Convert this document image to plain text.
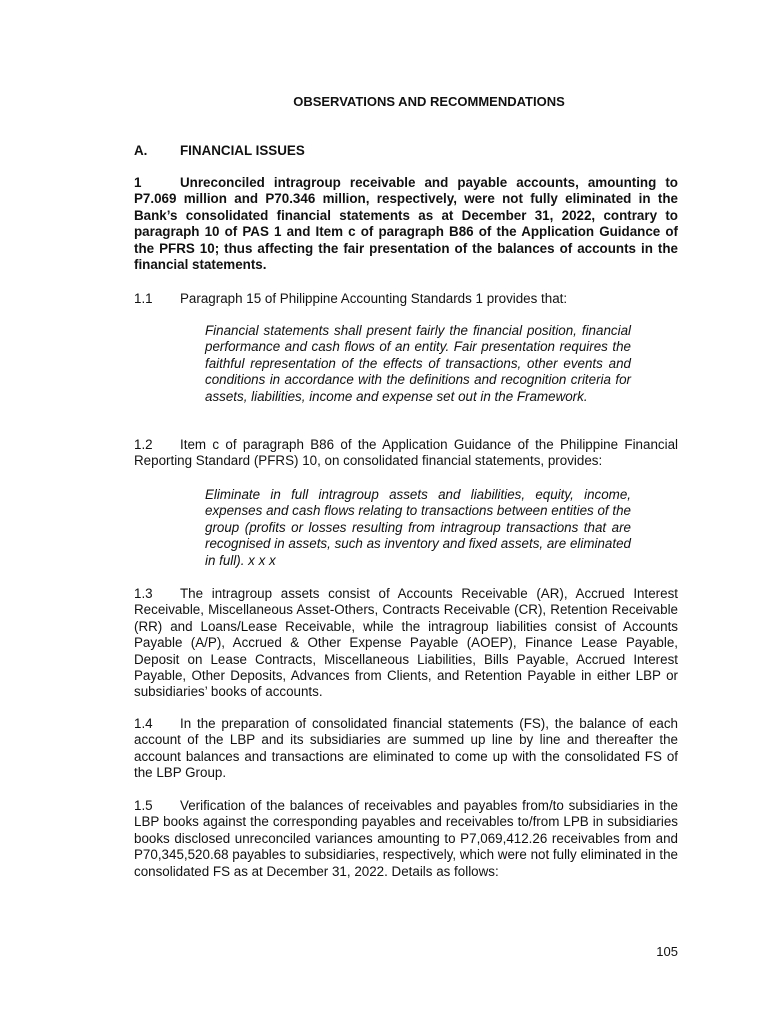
OBSERVATIONS AND RECOMMENDATIONS
A. FINANCIAL ISSUES
1	Unreconciled intragroup receivable and payable accounts, amounting to P7.069 million and P70.346 million, respectively, were not fully eliminated in the Bank’s consolidated financial statements as at December 31, 2022, contrary to paragraph 10 of PAS 1 and Item c of paragraph B86 of the Application Guidance of the PFRS 10; thus affecting the fair presentation of the balances of accounts in the financial statements.
1.1 Paragraph 15 of Philippine Accounting Standards 1 provides that:
Financial statements shall present fairly the financial position, financial performance and cash flows of an entity. Fair presentation requires the faithful representation of the effects of transactions, other events and conditions in accordance with the definitions and recognition criteria for assets, liabilities, income and expense set out in the Framework.
1.2 Item c of paragraph B86 of the Application Guidance of the Philippine Financial Reporting Standard (PFRS) 10, on consolidated financial statements, provides:
Eliminate in full intragroup assets and liabilities, equity, income, expenses and cash flows relating to transactions between entities of the group (profits or losses resulting from intragroup transactions that are recognised in assets, such as inventory and fixed assets, are eliminated in full). x x x
1.3 The intragroup assets consist of Accounts Receivable (AR), Accrued Interest Receivable, Miscellaneous Asset-Others, Contracts Receivable (CR), Retention Receivable (RR) and Loans/Lease Receivable, while the intragroup liabilities consist of Accounts Payable (A/P), Accrued & Other Expense Payable (AOEP), Finance Lease Payable, Deposit on Lease Contracts, Miscellaneous Liabilities, Bills Payable, Accrued Interest Payable, Other Deposits, Advances from Clients, and Retention Payable in either LBP or subsidiaries’ books of accounts.
1.4 In the preparation of consolidated financial statements (FS), the balance of each account of the LBP and its subsidiaries are summed up line by line and thereafter the account balances and transactions are eliminated to come up with the consolidated FS of the LBP Group.
1.5 Verification of the balances of receivables and payables from/to subsidiaries in the LBP books against the corresponding payables and receivables to/from LPB in subsidiaries books disclosed unreconciled variances amounting to P7,069,412.26 receivables from and P70,345,520.68 payables to subsidiaries, respectively, which were not fully eliminated in the consolidated FS as at December 31, 2022. Details as follows:
105
